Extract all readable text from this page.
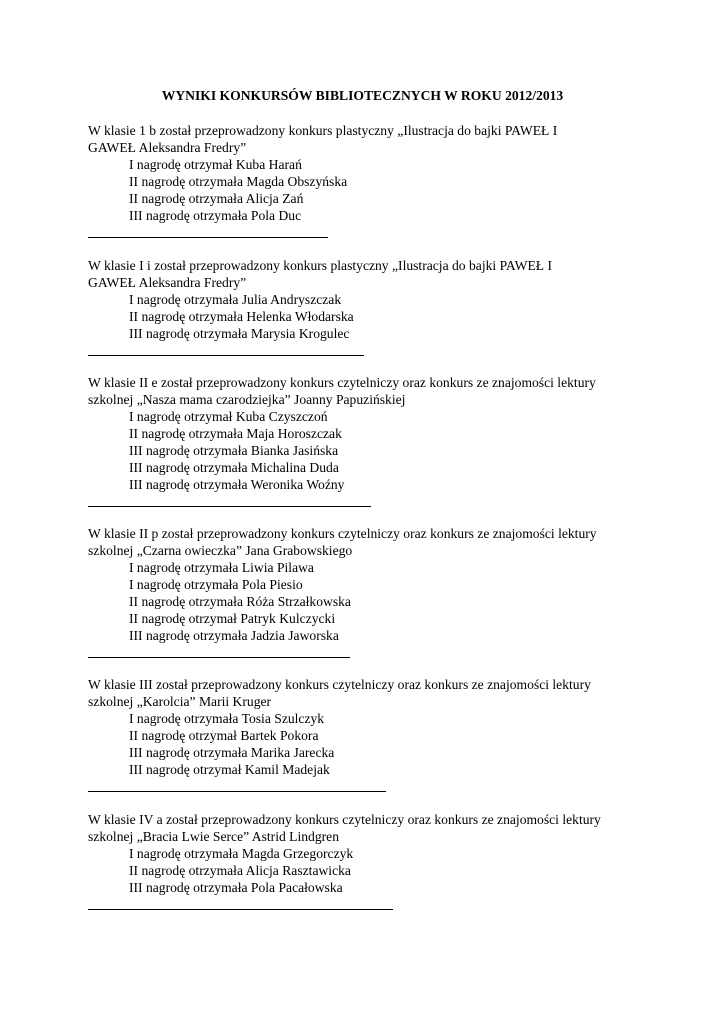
WYNIKI KONKURSÓW BIBLIOTECZNYCH W ROKU 2012/2013
W klasie 1 b został przeprowadzony konkurs plastyczny „Ilustracja do bajki PAWEŁ I
GAWEŁ Aleksandra Fredry”
I nagrodę otrzymał Kuba Harań
II nagrodę otrzymała Magda Obszyńska
II nagrodę otrzymała Alicja Zań
III nagrodę otrzymała Pola Duc
W klasie I i został przeprowadzony konkurs plastyczny „Ilustracja do bajki PAWEŁ I
GAWEŁ Aleksandra Fredry”
I nagrodę otrzymała Julia Andryszczak
II nagrodę otrzymała Helenka Włodarska
III nagrodę otrzymała Marysia Krogulec
W klasie II e został przeprowadzony konkurs czytelniczy oraz konkurs ze znajomości lektury
szkolnej „Nasza mama czarodziejka” Joanny Papuzińskiej
I nagrodę otrzymał Kuba Czyszczoń
II nagrodę otrzymała Maja Horoszczak
III nagrodę otrzymała Bianka Jasińska
III nagrodę otrzymała Michalina Duda
III nagrodę otrzymała Weronika Woźny
W klasie II p został przeprowadzony konkurs czytelniczy oraz konkurs ze znajomości lektury
szkolnej „Czarna owieczka” Jana Grabowskiego
I nagrodę otrzymała Liwia Pilawa
I nagrodę otrzymała Pola Piesio
II nagrodę otrzymała Róża Strzałkowska
II nagrodę otrzymał Patryk Kulczycki
III nagrodę otrzymała Jadzia Jaworska
W klasie III został przeprowadzony konkurs czytelniczy oraz konkurs ze znajomości lektury
szkolnej „Karolcia” Marii Kruger
I nagrodę otrzymała Tosia Szulczyk
II nagrodę otrzymał Bartek Pokora
III nagrodę otrzymała Marika Jarecka
III nagrodę otrzymał Kamil Madejak
W klasie IV a został przeprowadzony konkurs czytelniczy oraz konkurs ze znajomości lektury
szkolnej „Bracia Lwie Serce” Astrid Lindgren
I nagrodę otrzymała Magda Grzegorczyk
II nagrodę otrzymała Alicja Rasztawicka
III nagrodę otrzymała Pola Pacałowska
